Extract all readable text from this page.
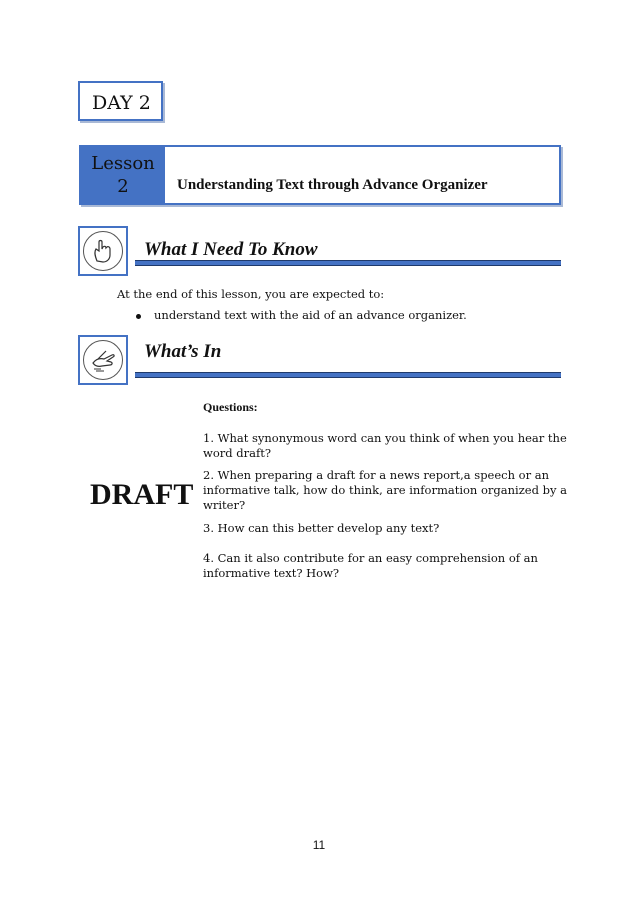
DAY 2
Lesson 2	Understanding Text through Advance Organizer
What I Need To Know
At the end of this lesson, you are expected to:
understand text with the aid of an advance organizer.
What’s In
Questions:
DRAFT
1. What synonymous word can you think of when you hear the word draft?
2. When preparing a draft for a news report,a speech or an informative talk, how do think, are information organized by a writer?
3. How can this better develop any text?
4. Can it also contribute for an easy comprehension of an informative text? How?
11
